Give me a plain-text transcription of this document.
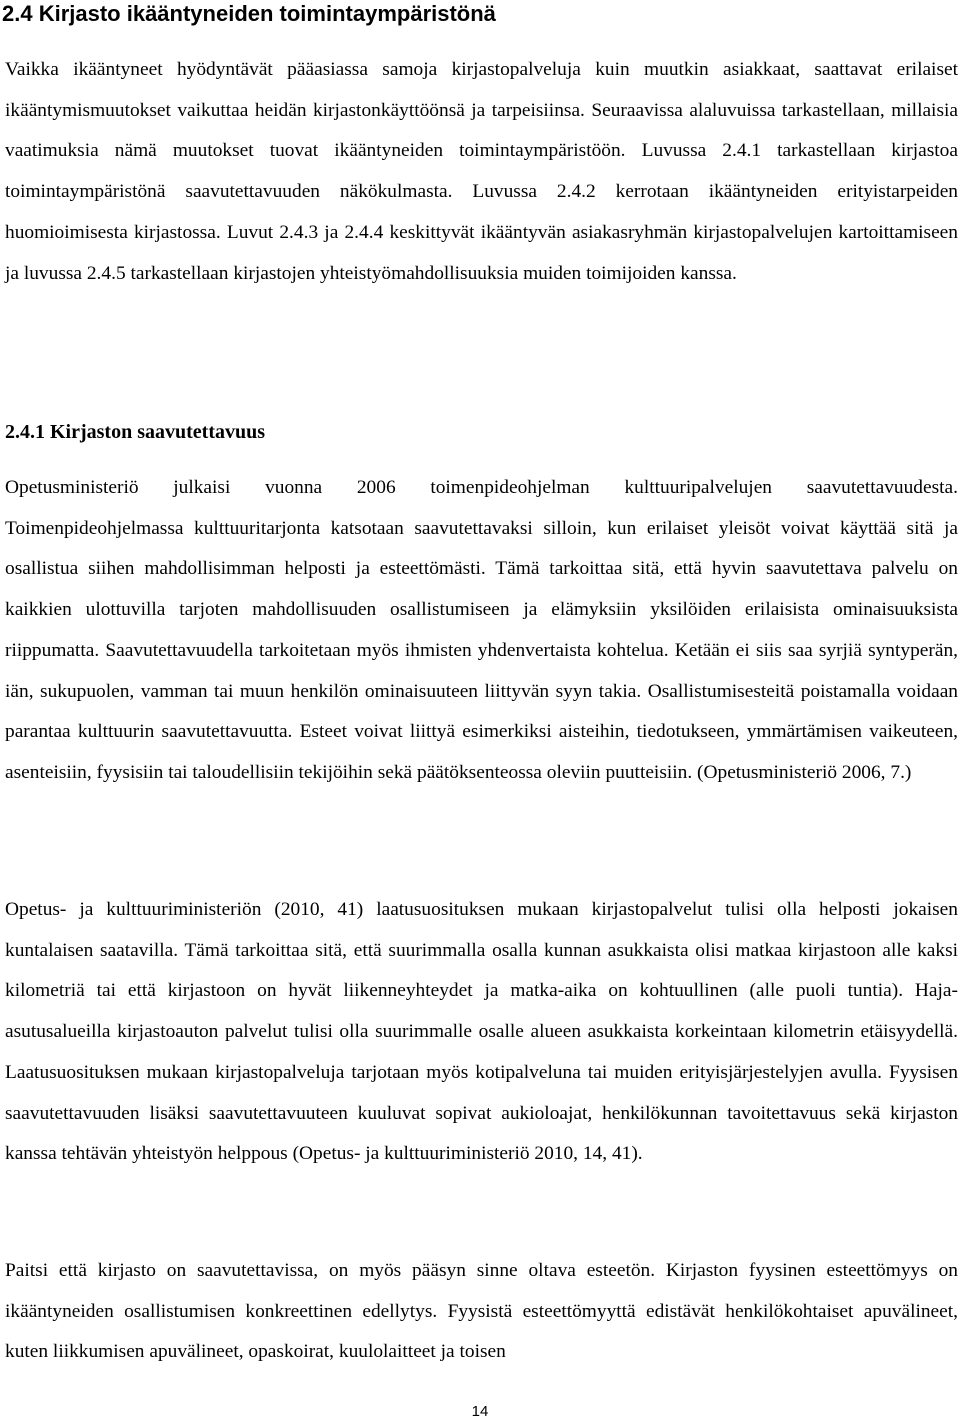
2.4 Kirjasto ikääntyneiden toimintaympäristönä

Vaikka ikääntyneet hyödyntävät pääasiassa samoja kirjastopalveluja kuin muutkin asiakkaat, saattavat erilaiset ikääntymismuutokset vaikuttaa heidän kirjastonkäyttöönsä ja tarpeisiinsa. Seuraavissa alaluvuissa tarkastellaan, millaisia vaatimuksia nämä muutokset tuovat ikääntyneiden toimintaympäristöön. Luvussa 2.4.1 tarkastellaan kirjastoa toimintaympäristönä saavutettavuuden näkökulmasta. Luvussa 2.4.2 kerrotaan ikääntyneiden erityistarpeiden huomioimisesta kirjastossa. Luvut 2.4.3 ja 2.4.4 keskittyvät ikääntyvän asiakasryhmän kirjastopalvelujen kartoittamiseen ja luvussa 2.4.5 tarkastellaan kirjastojen yhteistyömahdollisuuksia muiden toimijoiden kanssa.

2.4.1 Kirjaston saavutettavuus

Opetusministeriö julkaisi vuonna 2006 toimenpideohjelman kulttuuripalvelujen saavutettavuudesta. Toimenpideohjelmassa kulttuuritarjonta katsotaan saavutettavaksi silloin, kun erilaiset yleisöt voivat käyttää sitä ja osallistua siihen mahdollisimman helposti ja esteettömästi. Tämä tarkoittaa sitä, että hyvin saavutettava palvelu on kaikkien ulottuvilla tarjoten mahdollisuuden osallistumiseen ja elämyksiin yksilöiden erilaisista ominaisuuksista riippumatta. Saavutettavuudella tarkoitetaan myös ihmisten yhdenvertaista kohtelua. Ketään ei siis saa syrjiä syntyperän, iän, sukupuolen, vamman tai muun henkilön ominaisuuteen liittyvän syyn takia. Osallistumisesteitä poistamalla voidaan parantaa kulttuurin saavutettavuutta. Esteet voivat liittyä esimerkiksi aisteihin, tiedotukseen, ymmärtämisen vaikeuteen, asenteisiin, fyysisiin tai taloudellisiin tekijöihin sekä päätöksenteossa oleviin puutteisiin. (Opetusministeriö 2006, 7.)

Opetus- ja kulttuuriministeriön (2010, 41) laatusuosituksen mukaan kirjastopalvelut tulisi olla helposti jokaisen kuntalaisen saatavilla. Tämä tarkoittaa sitä, että suurimmalla osalla kunnan asukkaista olisi matkaa kirjastoon alle kaksi kilometriä tai että kirjastoon on hyvät liikenneyhteydet ja matka-aika on kohtuullinen (alle puoli tuntia). Haja-asutusalueilla kirjastoauton palvelut tulisi olla suurimmalle osalle alueen asukkaista korkeintaan kilometrin etäisyydellä. Laatusuosituksen mukaan kirjastopalveluja tarjotaan myös kotipalveluna tai muiden erityisjärjestelyjen avulla. Fyysisen saavutettavuuden lisäksi saavutettavuuteen kuuluvat sopivat aukioloajat, henkilökunnan tavoitettavuus sekä kirjaston kanssa tehtävän yhteistyön helppous (Opetus- ja kulttuuriministeriö 2010, 14, 41).

Paitsi että kirjasto on saavutettavissa, on myös pääsyn sinne oltava esteetön. Kirjaston fyysinen esteettömyys on ikääntyneiden osallistumisen konkreettinen edellytys. Fyysistä esteettömyyttä edistävät henkilökohtaiset apuvälineet, kuten liikkumisen apuvälineet, opaskoirat, kuulolaitteet ja toisen

14
